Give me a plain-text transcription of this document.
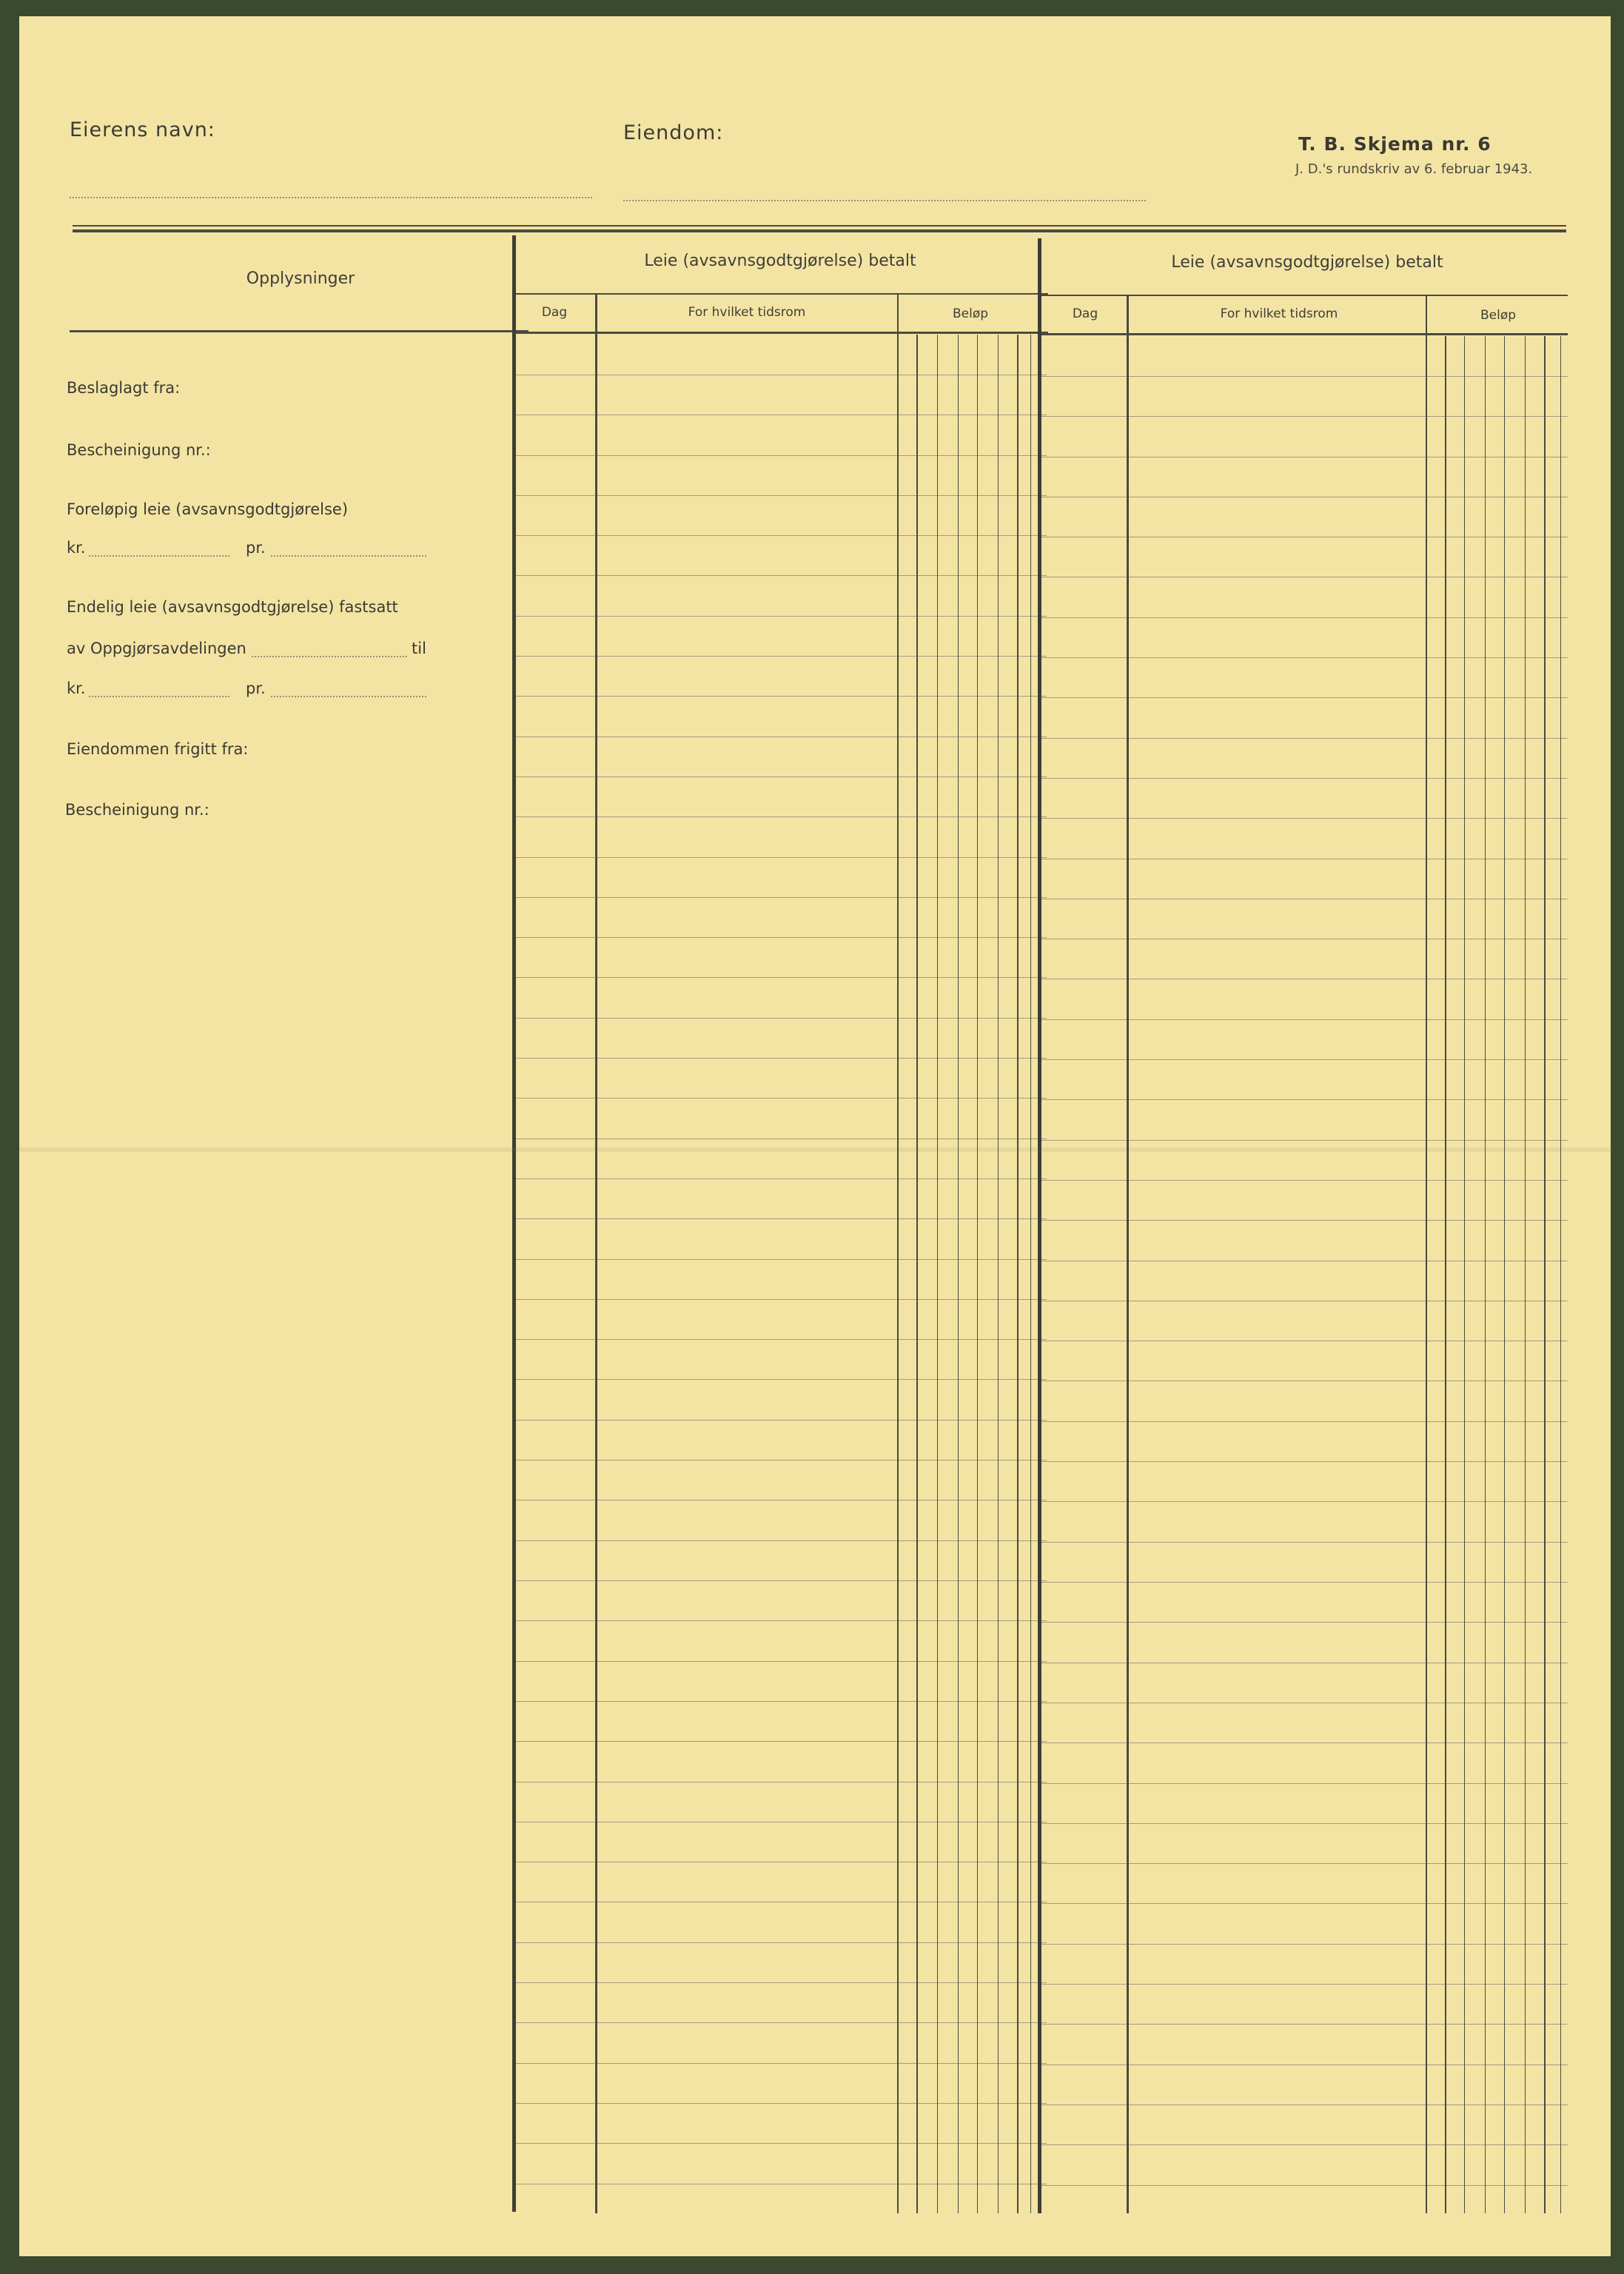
Eierens navn:	Eiendom:	T. B. Skjema nr. 6
J. D.'s rundskriv av 6. februar 1943.
Opplysninger
Leie (avsavnsgodtgjørelse) betalt	Leie (avsavnsgodtgjørelse) betalt
Dag	For hvilket tidsrom	Beløp	Dag	For hvilket tidsrom	Beløp
Beslaglagt fra:
Bescheinigung nr.:
Foreløpig leie (avsavnsgodtgjørelse)
kr.	pr.
Endelig leie (avsavnsgodtgjørelse) fastsatt
av Oppgjørsavdelingen	til
kr.	pr.
Eiendommen frigitt fra:
Bescheinigung nr.:
